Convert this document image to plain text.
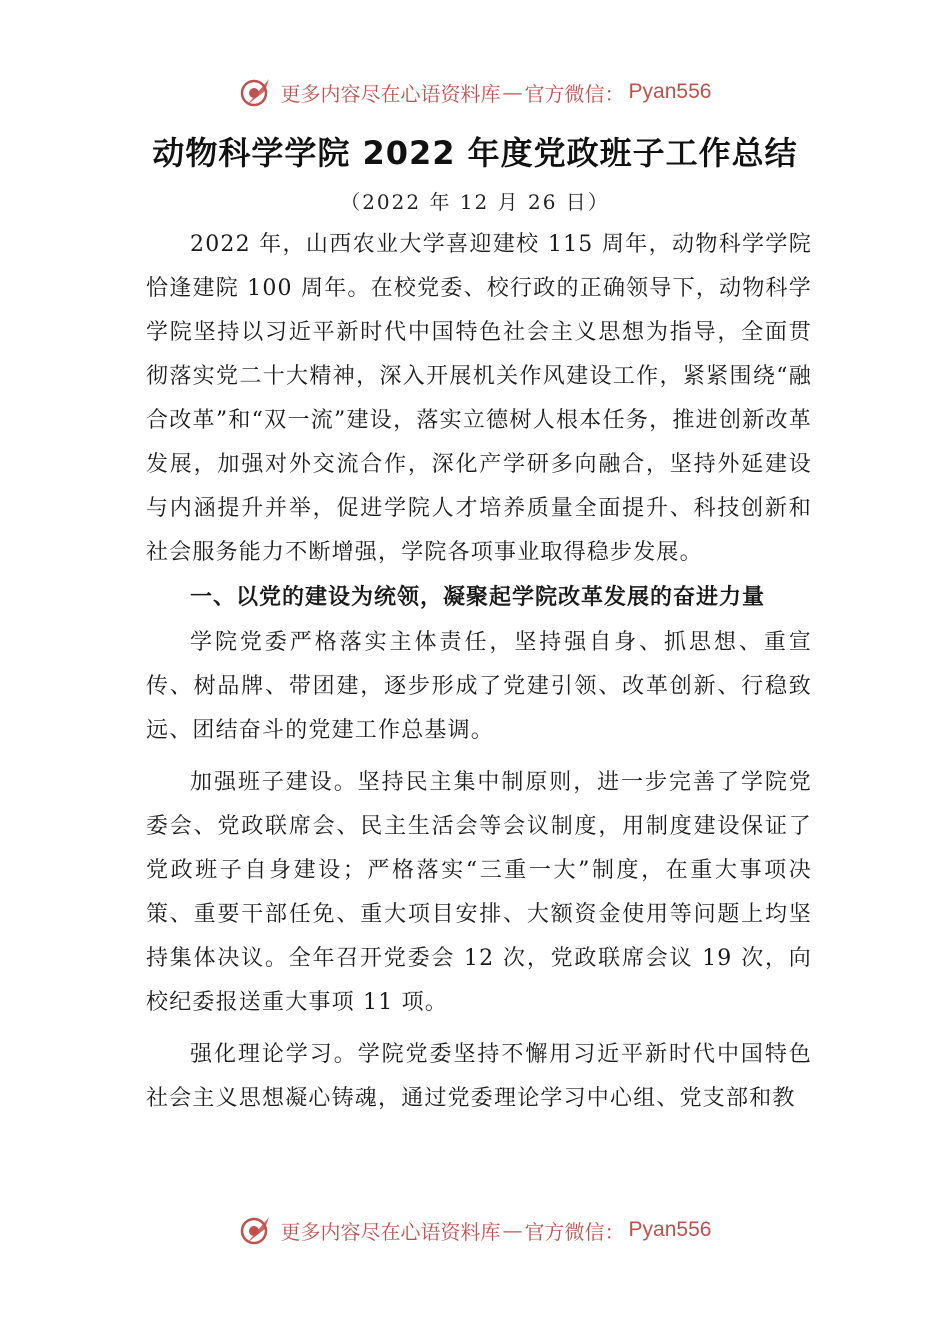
更多内容尽在心语资料库 — 官方微信： Pyan556
动物科学学院 2022 年度党政班子工作总结
（2022 年 12 月 26 日）

2022 年，山西农业大学喜迎建校 115 周年，动物科学学院恰逢建院 100 周年。在校党委、校行政的正确领导下，动物科学学院坚持以习近平新时代中国特色社会主义思想为指导，全面贯彻落实党二十大精神，深入开展机关作风建设工作，紧紧围绕“融合改革”和“双一流”建设，落实立德树人根本任务，推进创新改革发展，加强对外交流合作，深化产学研多向融合，坚持外延建设与内涵提升并举，促进学院人才培养质量全面提升、科技创新和社会服务能力不断增强，学院各项事业取得稳步发展。

一、以党的建设为统领，凝聚起学院改革发展的奋进力量

学院党委严格落实主体责任，坚持强自身、抓思想、重宣传、树品牌、带团建，逐步形成了党建引领、改革创新、行稳致远、团结奋斗的党建工作总基调。

加强班子建设。坚持民主集中制原则，进一步完善了学院党委会、党政联席会、民主生活会等会议制度，用制度建设保证了党政班子自身建设；严格落实“三重一大”制度，在重大事项决策、重要干部任免、重大项目安排、大额资金使用等问题上均坚持集体决议。全年召开党委会 12 次，党政联席会议 19 次，向校纪委报送重大事项 11 项。

强化理论学习。学院党委坚持不懈用习近平新时代中国特色社会主义思想凝心铸魂，通过党委理论学习中心组、党支部和教

更多内容尽在心语资料库 — 官方微信： Pyan556
